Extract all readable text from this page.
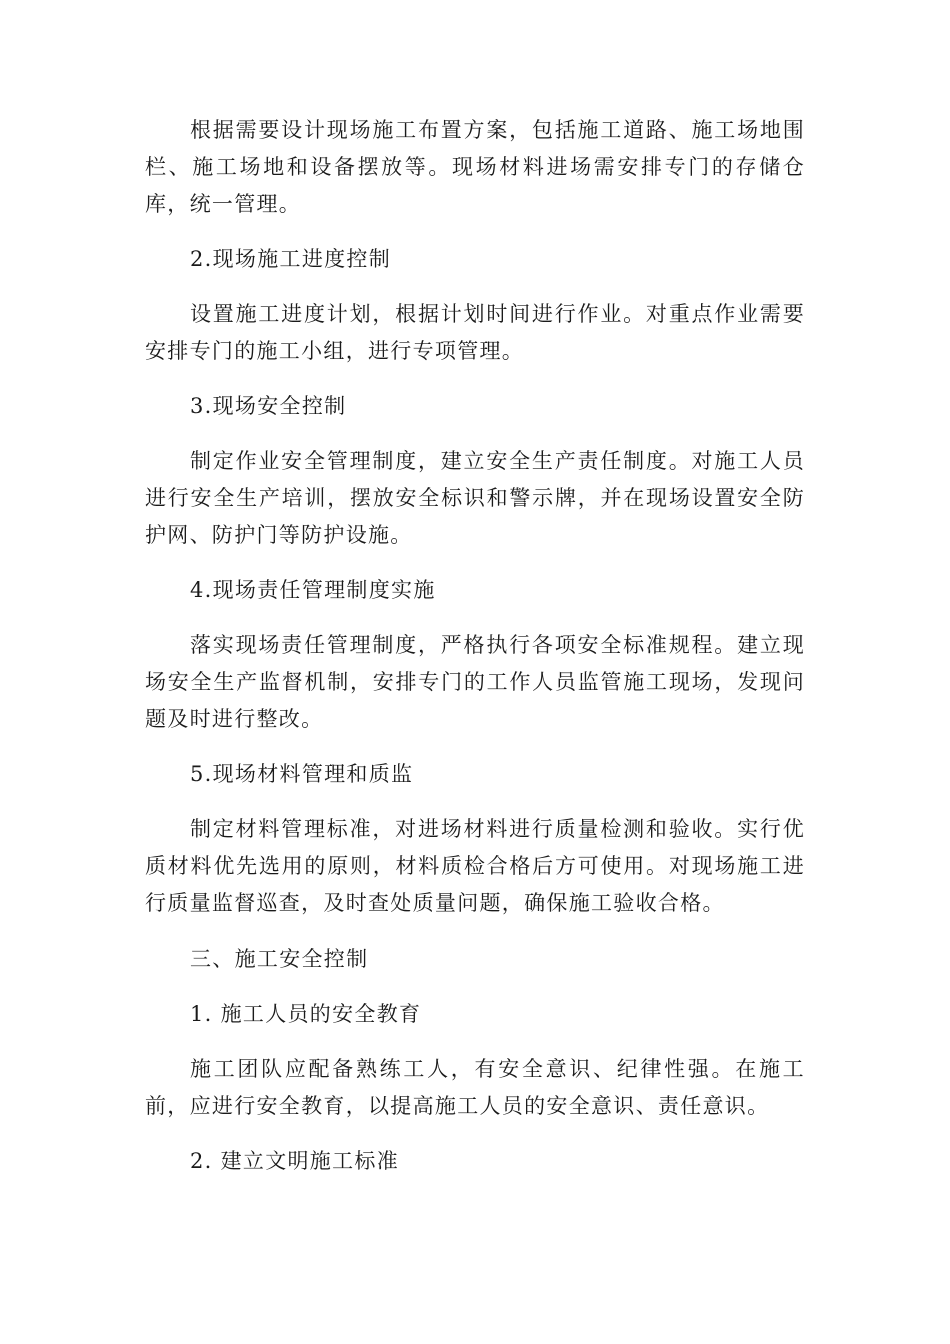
根据需要设计现场施工布置方案，包括施工道路、施工场地围栏、施工场地和设备摆放等。现场材料进场需安排专门的存储仓库，统一管理。
2.现场施工进度控制
设置施工进度计划，根据计划时间进行作业。对重点作业需要安排专门的施工小组，进行专项管理。
3.现场安全控制
制定作业安全管理制度，建立安全生产责任制度。对施工人员进行安全生产培训，摆放安全标识和警示牌，并在现场设置安全防护网、防护门等防护设施。
4.现场责任管理制度实施
落实现场责任管理制度，严格执行各项安全标准规程。建立现场安全生产监督机制，安排专门的工作人员监管施工现场，发现问题及时进行整改。
5.现场材料管理和质监
制定材料管理标准，对进场材料进行质量检测和验收。实行优质材料优先选用的原则，材料质检合格后方可使用。对现场施工进行质量监督巡查，及时查处质量问题，确保施工验收合格。
三、施工安全控制
1. 施工人员的安全教育
施工团队应配备熟练工人，有安全意识、纪律性强。在施工前，应进行安全教育，以提高施工人员的安全意识、责任意识。
2. 建立文明施工标准
